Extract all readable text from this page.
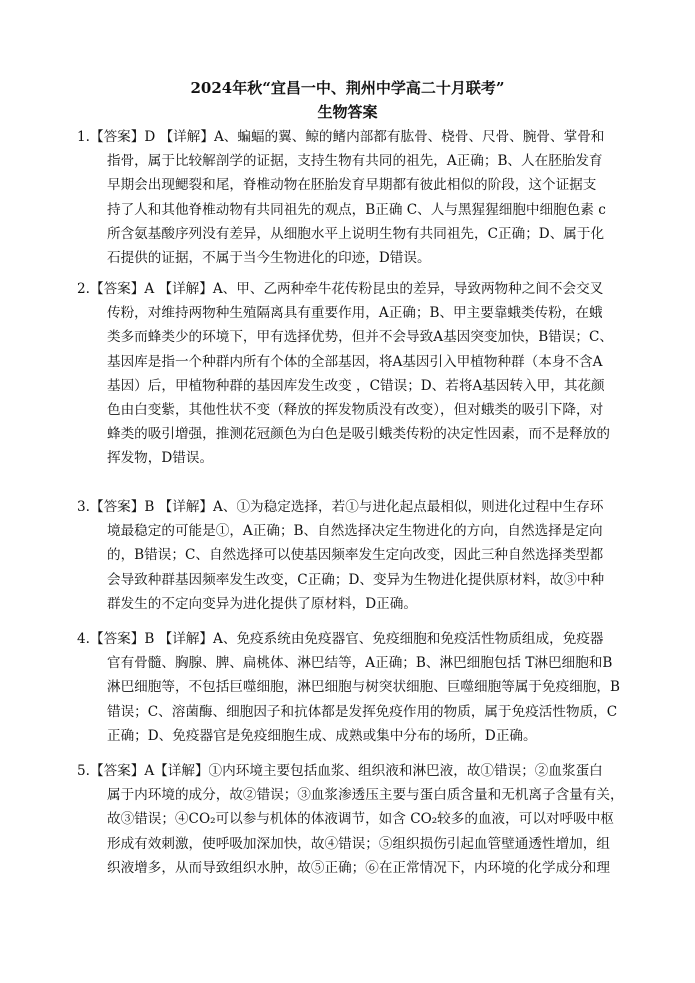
2024年秋“宜昌一中、荆州中学高二十月联考”
生物答案
1.【答案】D 【详解】A、蝙蝠的翼、鲸的鳍内部都有肱骨、桡骨、尺骨、腕骨、掌骨和
指骨，属于比较解剖学的证据，支持生物有共同的祖先，A正确；B、人在胚胎发育
早期会出现鳃裂和尾，脊椎动物在胚胎发育早期都有彼此相似的阶段，这个证据支
持了人和其他脊椎动物有共同祖先的观点，B正确 C、人与黑猩猩细胞中细胞色素 c
所含氨基酸序列没有差异，从细胞水平上说明生物有共同祖先，C正确；D、属于化
石提供的证据，不属于当今生物进化的印迹，D错误。
2.【答案】A 【详解】A、甲、乙两种牵牛花传粉昆虫的差异，导致两物种之间不会交叉
传粉，对维持两物种生殖隔离具有重要作用，A正确；B、甲主要靠蛾类传粉，在蛾
类多而蜂类少的环境下，甲有选择优势，但并不会导致A基因突变加快，B错误；C、
基因库是指一个种群内所有个体的全部基因，将A基因引入甲植物种群（本身不含A
基因）后，甲植物种群的基因库发生改变 ，C错误；D、若将A基因转入甲，其花颜
色由白变紫，其他性状不变（释放的挥发物质没有改变），但对蛾类的吸引下降，对
蜂类的吸引增强，推测花冠颜色为白色是吸引蛾类传粉的决定性因素，而不是释放的
挥发物，D错误。
3.【答案】B 【详解】A、①为稳定选择，若①与进化起点最相似，则进化过程中生存环
境最稳定的可能是①，A正确；B、自然选择决定生物进化的方向，自然选择是定向
的，B错误；C、自然选择可以使基因频率发生定向改变，因此三种自然选择类型都
会导致种群基因频率发生改变，C正确；D、变异为生物进化提供原材料，故③中种
群发生的不定向变异为进化提供了原材料，D正确。
4.【答案】B 【详解】A、免疫系统由免疫器官、免疫细胞和免疫活性物质组成，免疫器
官有骨髓、胸腺、脾、扁桃体、淋巴结等，A正确；B、淋巴细胞包括 T淋巴细胞和B
淋巴细胞等，不包括巨噬细胞，淋巴细胞与树突状细胞、巨噬细胞等属于免疫细胞，B
错误；C、溶菌酶、细胞因子和抗体都是发挥免疫作用的物质，属于免疫活性物质，C
正确；D、免疫器官是免疫细胞生成、成熟或集中分布的场所，D正确。
5.【答案】A【详解】①内环境主要包括血浆、组织液和淋巴液，故①错误；②血浆蛋白
属于内环境的成分，故②错误；③血浆渗透压主要与蛋白质含量和无机离子含量有关，
故③错误；④CO₂可以参与机体的体液调节，如含 CO₂较多的血液，可以对呼吸中枢
形成有效刺激，使呼吸加深加快，故④错误；⑤组织损伤引起血管壁通透性增加，组
织液增多，从而导致组织水肿，故⑤正确；⑥在正常情况下，内环境的化学成分和理
